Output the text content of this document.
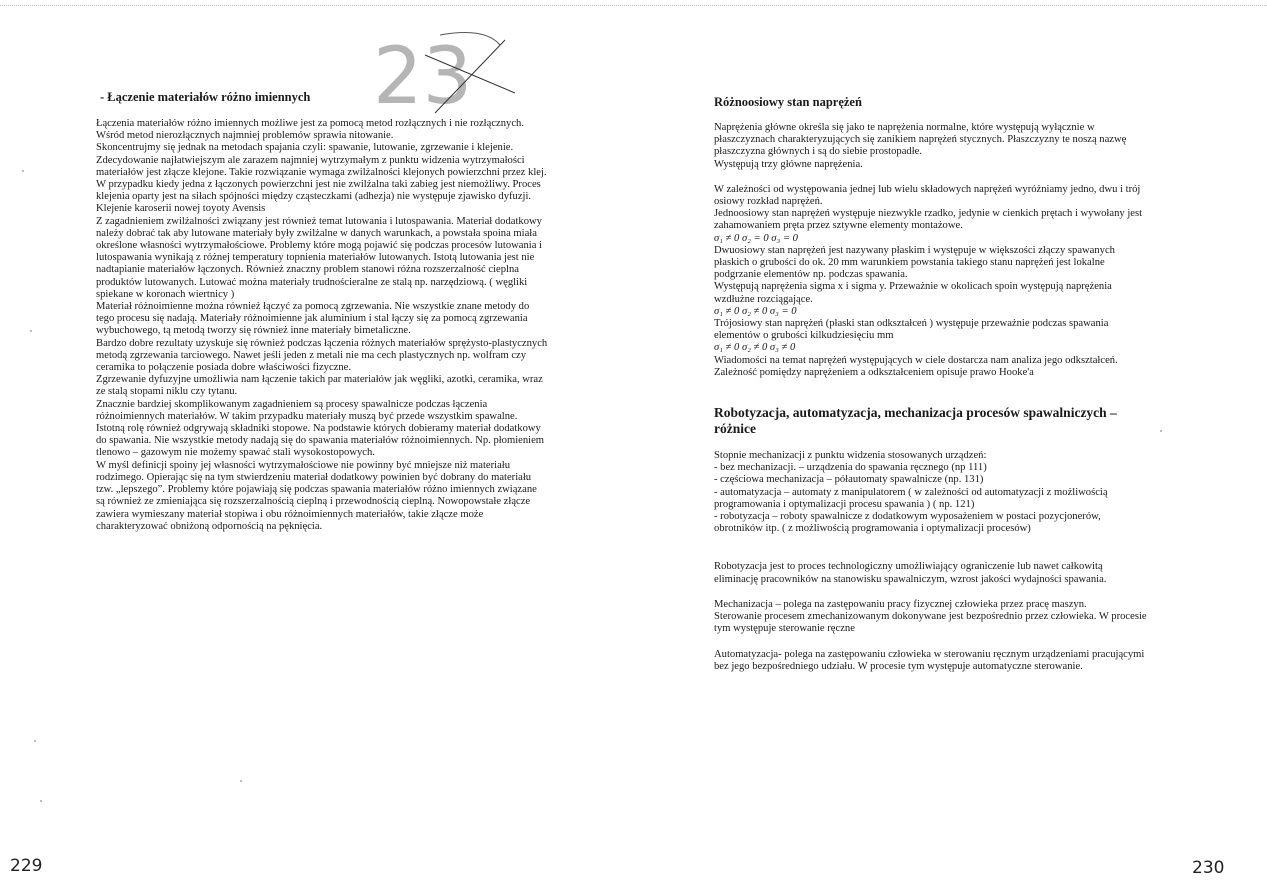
23
- Łączenie materiałów różno imiennych

Łączenia materiałów różno imiennych możliwe jest za pomocą metod rozłącznych i nie rozłącznych.

Wśród metod nierozłącznych najmniej problemów sprawia nitowanie.

Skoncentrujmy się jednak na metodach spajania czyli: spawanie, lutowanie, zgrzewanie i klejenie.

Zdecydowanie najłatwiejszym ale zarazem najmniej wytrzymałym z punktu widzenia wytrzymałości materiałów jest złącze klejone. Takie rozwiązanie wymaga zwilżalności klejonych powierzchni przez klej. W przypadku kiedy jedna z łączonych powierzchni jest nie zwilżalna taki zabieg jest niemożliwy. Proces klejenia oparty jest na siłach spójności między cząsteczkami (adhezja) nie występuje zjawisko dyfuzji. Klejenie karoserii nowej toyoty Avensis

Z zagadnieniem zwilżalności związany jest również temat lutowania i lutospawania. Materiał dodatkowy należy dobrać tak aby lutowane materiały były zwilżalne w danych warunkach, a powstała spoina miała określone własności wytrzymałościowe. Problemy które mogą pojawić się podczas procesów lutowania i lutospawania wynikają z różnej temperatury topnienia materiałów lutowanych. Istotą lutowania jest nie nadtapianie materiałów łączonych. Również znaczny problem stanowi różna rozszerzalność cieplna produktów lutowanych. Lutować można materiały trudnościeralne ze stalą np. narzędziową. ( węgliki spiekane w koronach wiertnicy )

Materiał różnoimienne można również łączyć za pomocą zgrzewania. Nie wszystkie znane metody do tego procesu się nadają. Materiały różnoimienne jak aluminium i stal łączy się za pomocą zgrzewania wybuchowego, tą metodą tworzy się również inne materiały bimetaliczne.

Bardzo dobre rezultaty uzyskuje się również podczas łączenia różnych materiałów sprężysto-plastycznych metodą zgrzewania tarciowego. Nawet jeśli jeden z metali nie ma cech plastycznych np. wolfram czy ceramika to połączenie posiada dobre właściwości fizyczne.

Zgrzewanie dyfuzyjne umożliwia nam łączenie takich par materiałów jak węgliki, azotki, ceramika, wraz ze stalą stopami niklu czy tytanu.

Znacznie bardziej skomplikowanym zagadnieniem są procesy spawalnicze podczas łączenia różnoimiennych materiałów. W takim przypadku materiały muszą być przede wszystkim spawalne. Istotną rolę również odgrywają składniki stopowe. Na podstawie których dobieramy materiał dodatkowy do spawania. Nie wszystkie metody nadają się do spawania materiałów różnoimiennych. Np. płomieniem tlenowo – gazowym nie możemy spawać stali wysokostopowych.

W myśl definicji spoiny jej własności wytrzymałościowe nie powinny być mniejsze niż materiału rodzimego. Opierając się na tym stwierdzeniu materiał dodatkowy powinien być dobrany do materiału tzw. „lepszego”. Problemy które pojawiają się podczas spawania materiałów różno imiennych związane są również ze zmieniająca się rozszerzalnością cieplną i przewodnością cieplną. Nowopowstałe złącze zawiera wymieszany materiał stopiwa i obu różnoimiennych materiałów, takie złącze może charakteryzować obniżoną odpornością na pęknięcia.

229
Różnoosiowy stan naprężeń

Naprężenia główne określa się jako te naprężenia normalne, które występują wyłącznie w płaszczyznach charakteryzujących się zanikiem naprężeń stycznych. Płaszczyzny te noszą nazwę płaszczyzna głównych i są do siebie prostopadłe.

Występują trzy główne naprężenia.

W zależności od występowania jednej lub wielu składowych naprężeń wyróżniamy jedno, dwu i trój osiowy rozkład naprężeń.

Jednoosiowy stan naprężeń występuje niezwykle rzadko, jedynie w cienkich prętach i wywołany jest zahamowaniem pręta przez sztywne elementy montażowe.

σ₁ ≠ 0 σ₂ = 0 σ₃ = 0

Dwuosiowy stan naprężeń jest nazywany płaskim i występuje w większości złączy spawanych płaskich o grubości do ok. 20 mm warunkiem powstania takiego stanu naprężeń jest lokalne podgrzanie elementów np. podczas spawania.

Występują naprężenia sigma x i sigma y. Przeważnie w okolicach spoin występują naprężenia wzdłużne rozciągające.

σ₁ ≠ 0 σ₂ ≠ 0 σ₃ = 0

Trójosiowy stan naprężeń (płaski stan odkształceń ) występuje przeważnie podczas spawania elementów o grubości kilkudziesięciu mm

σ₁ ≠ 0 σ₂ ≠ 0 σ₃ ≠ 0

Wiadomości na temat naprężeń występujących w ciele dostarcza nam analiza jego odkształceń.

Zależność pomiędzy naprężeniem a odkształceniem opisuje prawo Hooke'a

Robotyzacja, automatyzacja, mechanizacja procesów spawalniczych – różnice

Stopnie mechanizacji z punktu widzenia stosowanych urządzeń:

- bez mechanizacji. – urządzenia do spawania ręcznego (np 111)

- częściowa mechanizacja – półautomaty spawalnicze (np. 131)

- automatyzacja – automaty z manipulatorem ( w zależności od automatyzacji z możliwością programowania i optymalizacji procesu spawania ) ( np. 121)

- robotyzacja – roboty spawalnicze z dodatkowym wyposażeniem w postaci pozycjonerów, obrotników itp. ( z możliwością programowania i optymalizacji procesów)

Robotyzacja jest to proces technologiczny umożliwiający ograniczenie lub nawet całkowitą eliminację pracowników na stanowisku spawalniczym, wzrost jakości wydajności spawania.

Mechanizacja – polega na zastępowaniu pracy fizycznej człowieka przez pracę maszyn.

Sterowanie procesem zmechanizowanym dokonywane jest bezpośrednio przez człowieka. W procesie tym występuje sterowanie ręczne

Automatyzacja- polega na zastępowaniu człowieka w sterowaniu ręcznym urządzeniami pracującymi bez jego bezpośredniego udziału. W procesie tym występuje automatyczne sterowanie.

230
